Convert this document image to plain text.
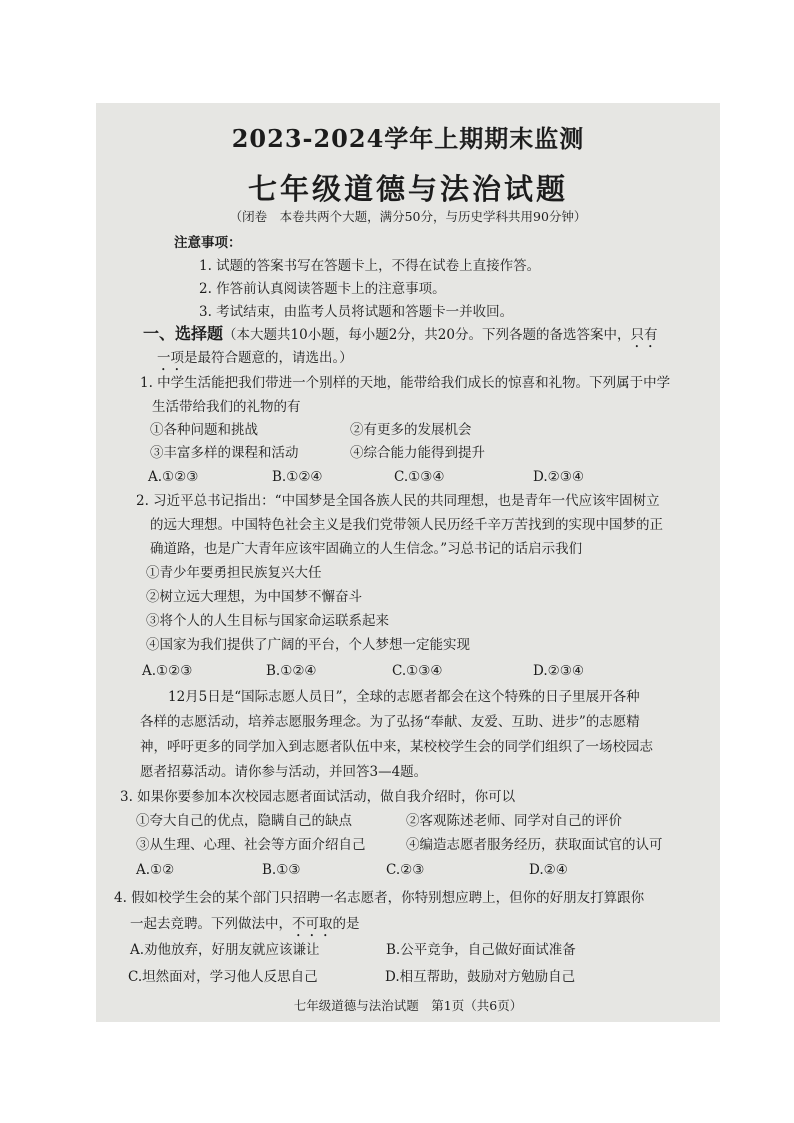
2023-2024学年上期期末监测
七年级道德与法治试题
（闭卷　本卷共两个大题，满分50分，与历史学科共用90分钟）
注意事项：
1. 试题的答案书写在答题卡上，不得在试卷上直接作答。
2. 作答前认真阅读答题卡上的注意事项。
3. 考试结束，由监考人员将试题和答题卡一并收回。
一、选择题（本大题共10小题，每小题2分，共20分。下列各题的备选答案中，只有
一项是最符合题意的，请选出。）
1. 中学生活能把我们带进一个别样的天地，能带给我们成长的惊喜和礼物。下列属于中学
生活带给我们的礼物的有
①各种问题和挑战	②有更多的发展机会
③丰富多样的课程和活动	④综合能力能得到提升
A.①②③	B.①②④	C.①③④	D.②③④
2. 习近平总书记指出：“中国梦是全国各族人民的共同理想，也是青年一代应该牢固树立
的远大理想。中国特色社会主义是我们党带领人民历经千辛万苦找到的实现中国梦的正
确道路，也是广大青年应该牢固确立的人生信念。”习总书记的话启示我们
①青少年要勇担民族复兴大任
②树立远大理想，为中国梦不懈奋斗
③将个人的人生目标与国家命运联系起来
④国家为我们提供了广阔的平台，个人梦想一定能实现
A.①②③	B.①②④	C.①③④	D.②③④
12月5日是“国际志愿人员日”，全球的志愿者都会在这个特殊的日子里展开各种
各样的志愿活动，培养志愿服务理念。为了弘扬“奉献、友爱、互助、进步”的志愿精
神，呼吁更多的同学加入到志愿者队伍中来，某校校学生会的同学们组织了一场校园志
愿者招募活动。请你参与活动，并回答3—4题。
3. 如果你要参加本次校园志愿者面试活动，做自我介绍时，你可以
①夸大自己的优点，隐瞒自己的缺点	②客观陈述老师、同学对自己的评价
③从生理、心理、社会等方面介绍自己	④编造志愿者服务经历，获取面试官的认可
A.①②	B.①③	C.②③	D.②④
4. 假如校学生会的某个部门只招聘一名志愿者，你特别想应聘上，但你的好朋友打算跟你
一起去竞聘。下列做法中，不可取的是
A.劝他放弃，好朋友就应该谦让	B.公平竞争，自己做好面试准备
C.坦然面对，学习他人反思自己	D.相互帮助，鼓励对方勉励自己
七年级道德与法治试题　第1页（共6页）
